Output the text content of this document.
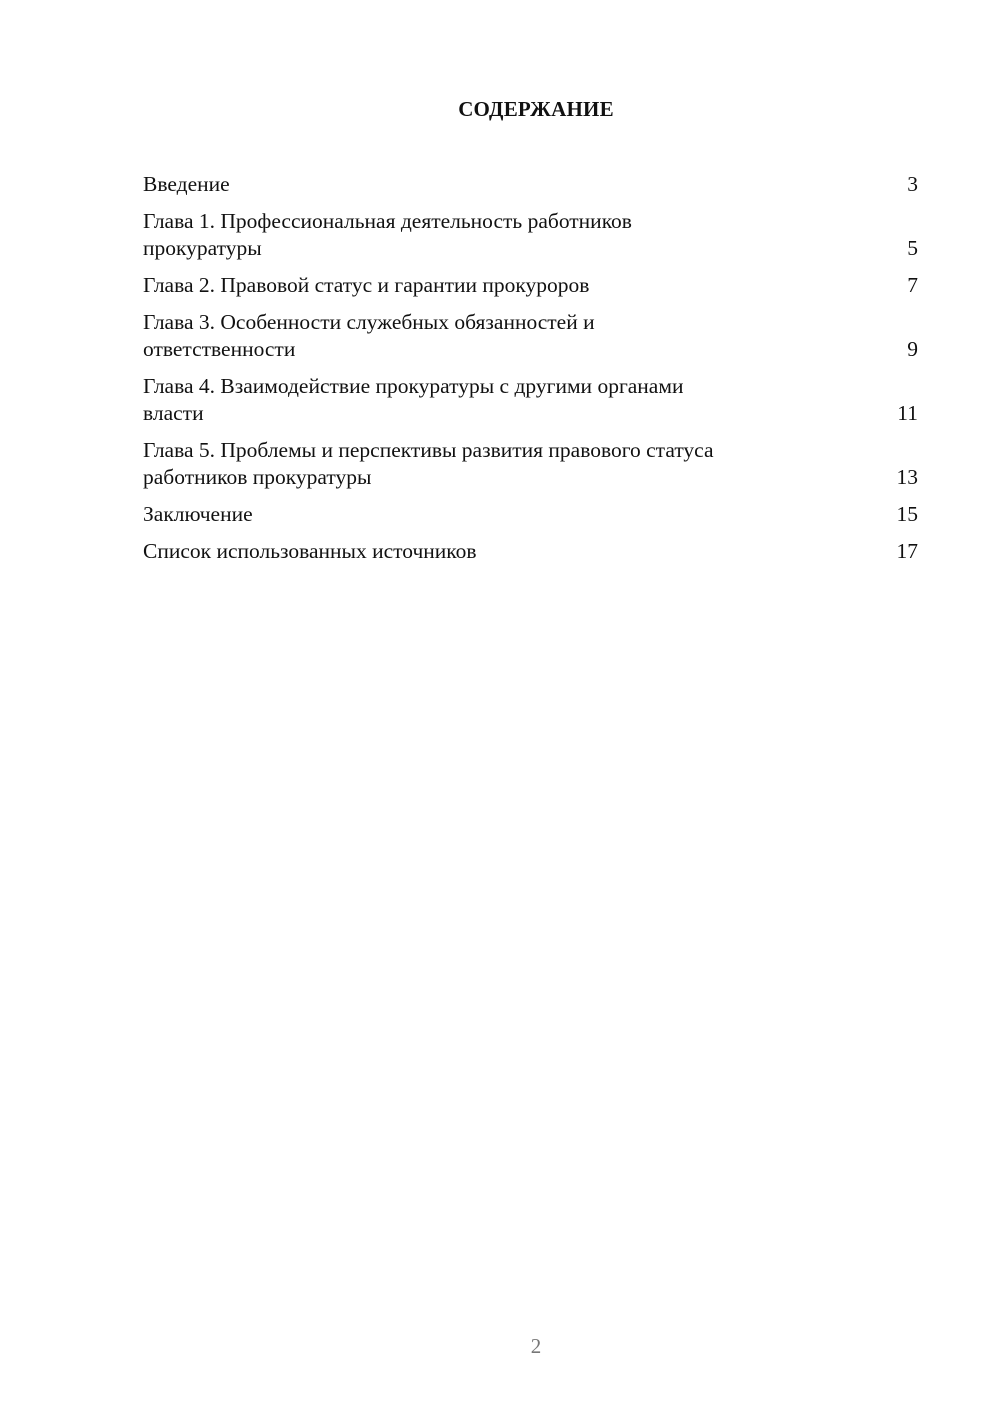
СОДЕРЖАНИЕ
Введение	3
Глава 1. Профессиональная деятельность работников
прокуратуры	5
Глава 2. Правовой статус и гарантии прокуроров	7
Глава 3. Особенности служебных обязанностей и
ответственности	9
Глава 4. Взаимодействие прокуратуры с другими органами
власти	11
Глава 5. Проблемы и перспективы развития правового статуса
работников прокуратуры	13
Заключение	15
Список использованных источников	17
2
